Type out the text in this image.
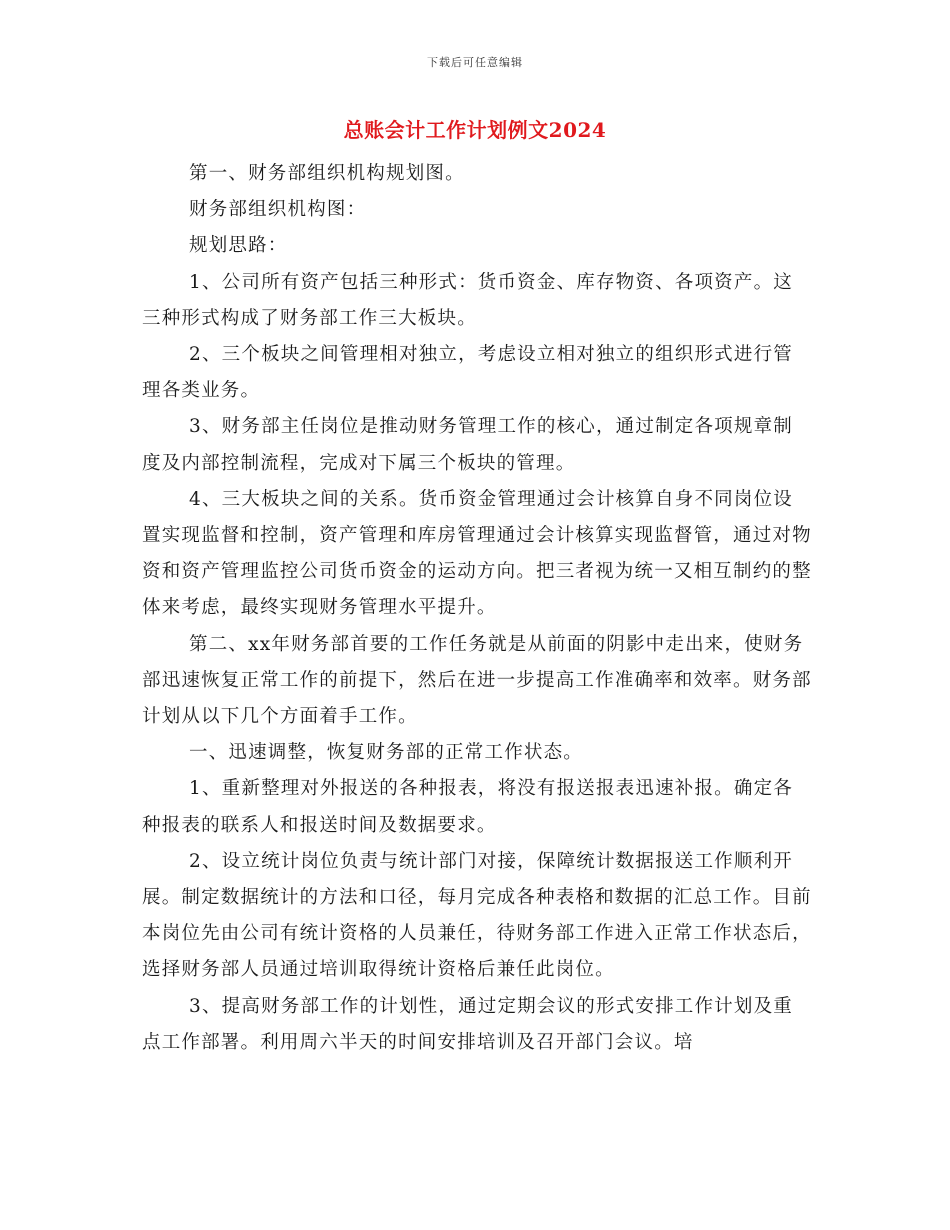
下载后可任意编辑
总账会计工作计划例文2024

第一、财务部组织机构规划图。

财务部组织机构图：

规划思路：

1、公司所有资产包括三种形式：货币资金、库存物资、各项资产。这三种形式构成了财务部工作三大板块。

2、三个板块之间管理相对独立，考虑设立相对独立的组织形式进行管理各类业务。

3、财务部主任岗位是推动财务管理工作的核心，通过制定各项规章制度及内部控制流程，完成对下属三个板块的管理。

4、三大板块之间的关系。货币资金管理通过会计核算自身不同岗位设置实现监督和控制，资产管理和库房管理通过会计核算实现监督管，通过对物资和资产管理监控公司货币资金的运动方向。把三者视为统一又相互制约的整体来考虑，最终实现财务管理水平提升。

第二、xx年财务部首要的工作任务就是从前面的阴影中走出来，使财务部迅速恢复正常工作的前提下，然后在进一步提高工作准确率和效率。财务部计划从以下几个方面着手工作。

一、迅速调整，恢复财务部的正常工作状态。

1、重新整理对外报送的各种报表，将没有报送报表迅速补报。确定各种报表的联系人和报送时间及数据要求。

2、设立统计岗位负责与统计部门对接，保障统计数据报送工作顺利开展。制定数据统计的方法和口径，每月完成各种表格和数据的汇总工作。目前本岗位先由公司有统计资格的人员兼任，待财务部工作进入正常工作状态后，选择财务部人员通过培训取得统计资格后兼任此岗位。

3、提高财务部工作的计划性，通过定期会议的形式安排工作计划及重点工作部署。利用周六半天的时间安排培训及召开部门会议。培
